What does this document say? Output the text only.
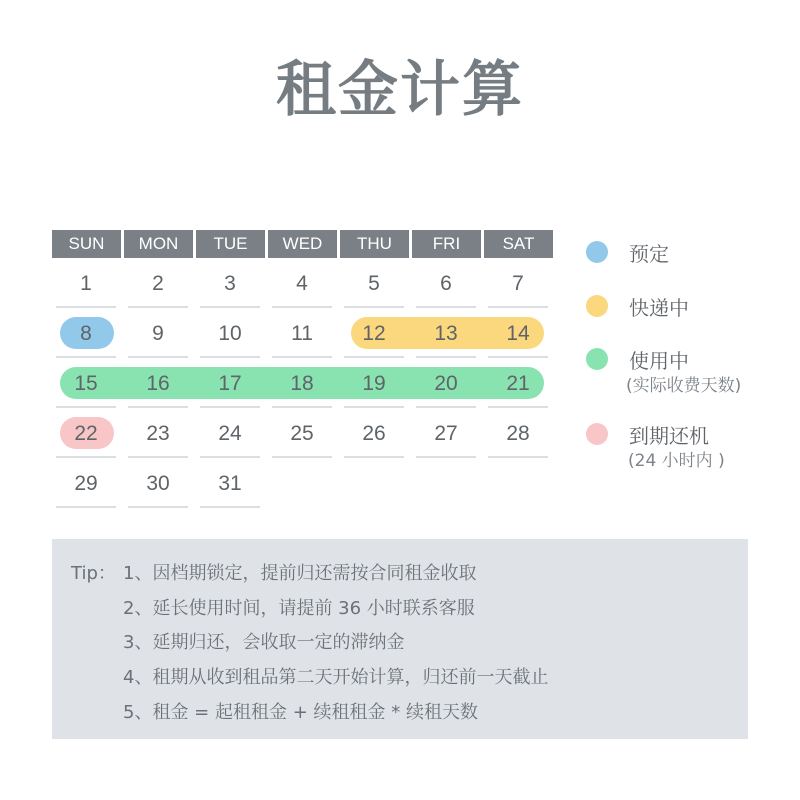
租金计算
SUN	MON	TUE	WED	THU	FRI	SAT
1	2	3	4	5	6	7
8	9	10	11	12	13	14
15	16	17	18	19	20	21
22	23	24	25	26	27	28
29	30	31
预定
快递中
使用中
(实际收费天数)
到期还机
(24 小时内 )
Tip： 1、因档期锁定，提前归还需按合同租金收取
2、延长使用时间，请提前 36 小时联系客服
3、延期归还，会收取一定的滞纳金
4、租期从收到租品第二天开始计算，归还前一天截止
5、租金 = 起租租金 + 续租租金 * 续租天数
